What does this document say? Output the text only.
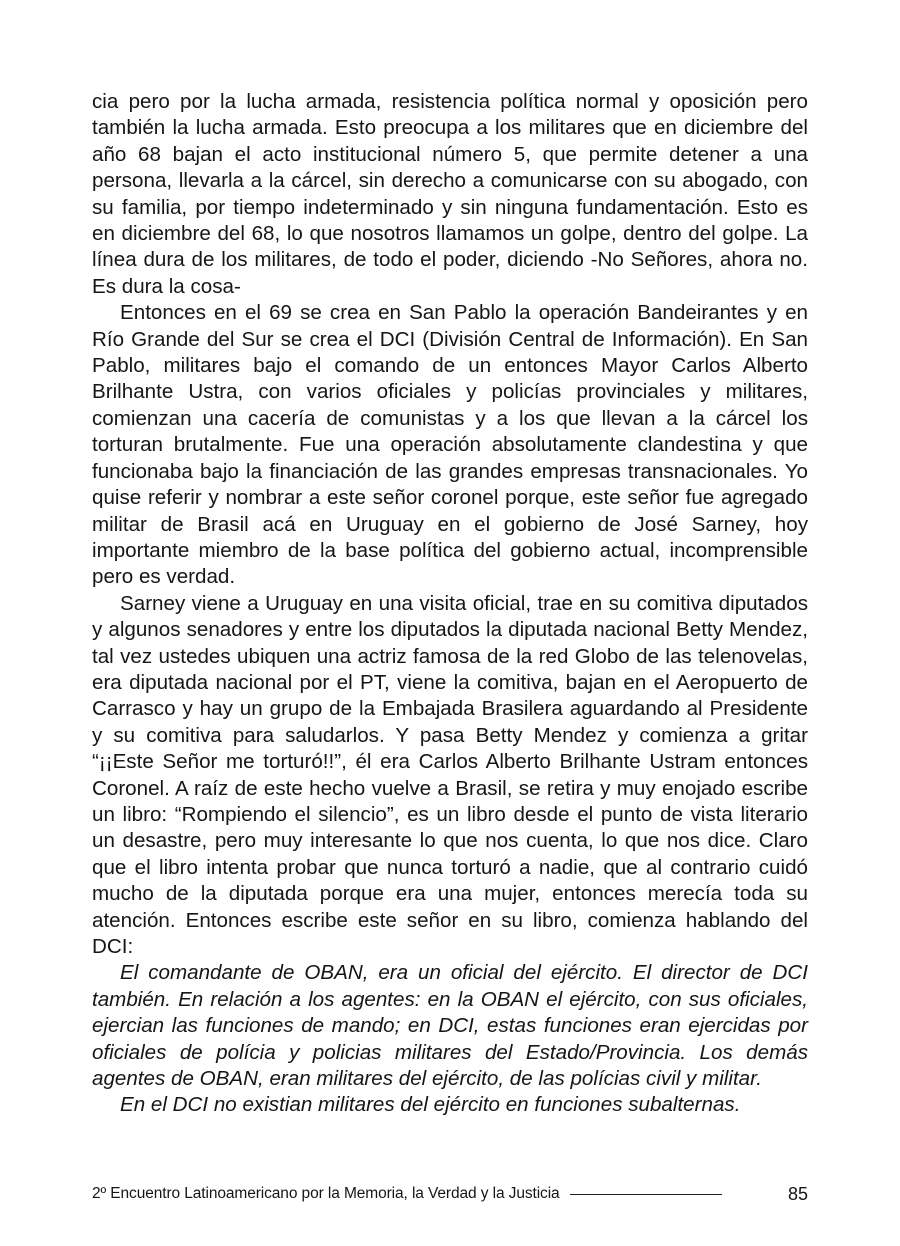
cia pero por la lucha armada, resistencia política normal y oposición pero también la lucha armada. Esto preocupa a los militares que en diciembre del año 68 bajan el acto institucional número 5, que permite detener a una persona, llevarla a la cárcel, sin derecho a comunicarse con su abogado, con su familia, por tiempo indeterminado y sin ninguna fundamentación. Esto es en diciembre del 68, lo que nosotros llamamos un golpe, dentro del golpe. La línea dura de los militares, de todo el poder, diciendo -No Señores, ahora no. Es dura la cosa-

Entonces en el 69 se crea en San Pablo la operación Bandeirantes y en Río Grande del Sur se crea el DCI (División Central de Información). En San Pablo, militares bajo el comando de un entonces Mayor Carlos Alberto Brilhante Ustra, con varios oficiales y policías provinciales y militares, comienzan una cacería de comunistas y a los que llevan a la cárcel los torturan brutalmente. Fue una operación absolutamente clandestina y que funcionaba bajo la financiación de las grandes empresas transnacionales. Yo quise referir y nombrar a este señor coronel porque, este señor fue agregado militar de Brasil acá en Uruguay en el gobierno de José Sarney, hoy importante miembro de la base política del gobierno actual, incomprensible pero es verdad.

Sarney viene a Uruguay en una visita oficial, trae en su comitiva diputados y algunos senadores y entre los diputados la diputada nacional Betty Mendez, tal vez ustedes ubiquen una actriz famosa de la red Globo de las telenovelas, era diputada nacional por el PT, viene la comitiva, bajan en el Aeropuerto de Carrasco y hay un grupo de la Embajada Brasilera aguardando al Presidente y su comitiva para saludarlos. Y pasa Betty Mendez y comienza a gritar “¡¡Este Señor me torturó!!”, él era Carlos Alberto Brilhante Ustram entonces Coronel. A raíz de este hecho vuelve a Brasil, se retira y muy enojado escribe un libro: “Rompiendo el silencio”, es un libro desde el punto de vista literario un desastre, pero muy interesante lo que nos cuenta, lo que nos dice. Claro que el libro intenta probar que nunca torturó a nadie, que al contrario cuidó mucho de la diputada porque era una mujer, entonces merecía toda su atención. Entonces escribe este señor en su libro, comienza hablando del DCI:

El comandante de OBAN, era un oficial del ejército. El director de DCI también. En relación a los agentes: en la OBAN el ejército, con sus oficiales, ejercian las funciones de mando; en DCI, estas funciones eran ejercidas por oficiales de polícia y policias militares del Estado/Provincia. Los demás agentes de OBAN, eran militares del ejército, de las polícias civil y militar.

En el DCI no existian militares del ejército en funciones subalternas.

2º Encuentro Latinoamericano por la Memoria, la Verdad y la Justicia	85
